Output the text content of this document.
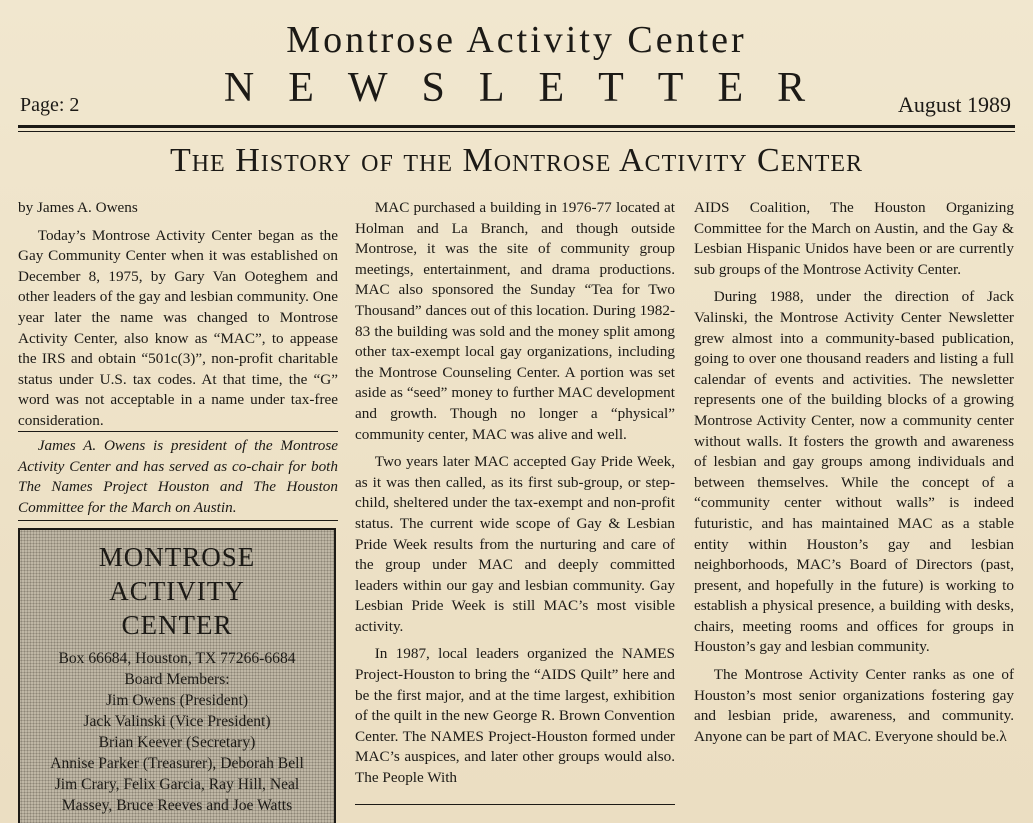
Montrose Activity Center
NEWSLETTER
Page: 2	August 1989
The History of the Montrose Activity Center

by James A. Owens

Today’s Montrose Activity Center began as the Gay Community Center when it was established on December 8, 1975, by Gary Van Ooteghem and other leaders of the gay and lesbian community. One year later the name was changed to Montrose Activity Center, also know as “MAC”, to appease the IRS and obtain “501c(3)”, non-profit charitable status under U.S. tax codes. At that time, the “G” word was not acceptable in a name under tax-free consideration.

James A. Owens is president of the Montrose Activity Center and has served as co-chair for both The Names Project Houston and The Houston Committee for the March on Austin.

MONTROSE
ACTIVITY
CENTER
Box 66684, Houston, TX 77266-6684
Board Members:
Jim Owens (President)
Jack Valinski (Vice President)
Brian Keever (Secretary)
Annise Parker (Treasurer), Deborah Bell
Jim Crary, Felix Garcia, Ray Hill, Neal
Massey, Bruce Reeves and Joe Watts

MAC purchased a building in 1976-77 located at Holman and La Branch, and though outside Montrose, it was the site of community group meetings, entertainment, and drama productions. MAC also sponsored the Sunday “Tea for Two Thousand” dances out of this location. During 1982-83 the building was sold and the money split among other tax-exempt local gay organizations, including the Montrose Counseling Center. A portion was set aside as “seed” money to further MAC development and growth. Though no longer a “physical” community center, MAC was alive and well.

Two years later MAC accepted Gay Pride Week, as it was then called, as its first sub-group, or step-child, sheltered under the tax-exempt and non-profit status. The current wide scope of Gay & Lesbian Pride Week results from the nurturing and care of the group under MAC and deeply committed leaders within our gay and lesbian community. Gay Lesbian Pride Week is still MAC’s most visible activity.

In 1987, local leaders organized the NAMES Project-Houston to bring the “AIDS Quilt” here and be the first major, and at the time largest, exhibition of the quilt in the new George R. Brown Convention Center. The NAMES Project-Houston formed under MAC’s auspices, and later other groups would also. The People With

AIDS Coalition, The Houston Organizing Committee for the March on Austin, and the Gay & Lesbian Hispanic Unidos have been or are currently sub groups of the Montrose Activity Center.

During 1988, under the direction of Jack Valinski, the Montrose Activity Center Newsletter grew almost into a community-based publication, going to over one thousand readers and listing a full calendar of events and activities. The newsletter represents one of the building blocks of a growing Montrose Activity Center, now a community center without walls. It fosters the growth and awareness of lesbian and gay groups among individuals and between themselves. While the concept of a “community center without walls” is indeed futuristic, and has maintained MAC as a stable entity within Houston’s gay and lesbian neighborhoods, MAC’s Board of Directors (past, present, and hopefully in the future) is working to establish a physical presence, a building with desks, chairs, meeting rooms and offices for groups in Houston’s gay and lesbian community.

The Montrose Activity Center ranks as one of Houston’s most senior organizations fostering gay and lesbian pride, awareness, and community. Anyone can be part of MAC. Everyone should be.λ
